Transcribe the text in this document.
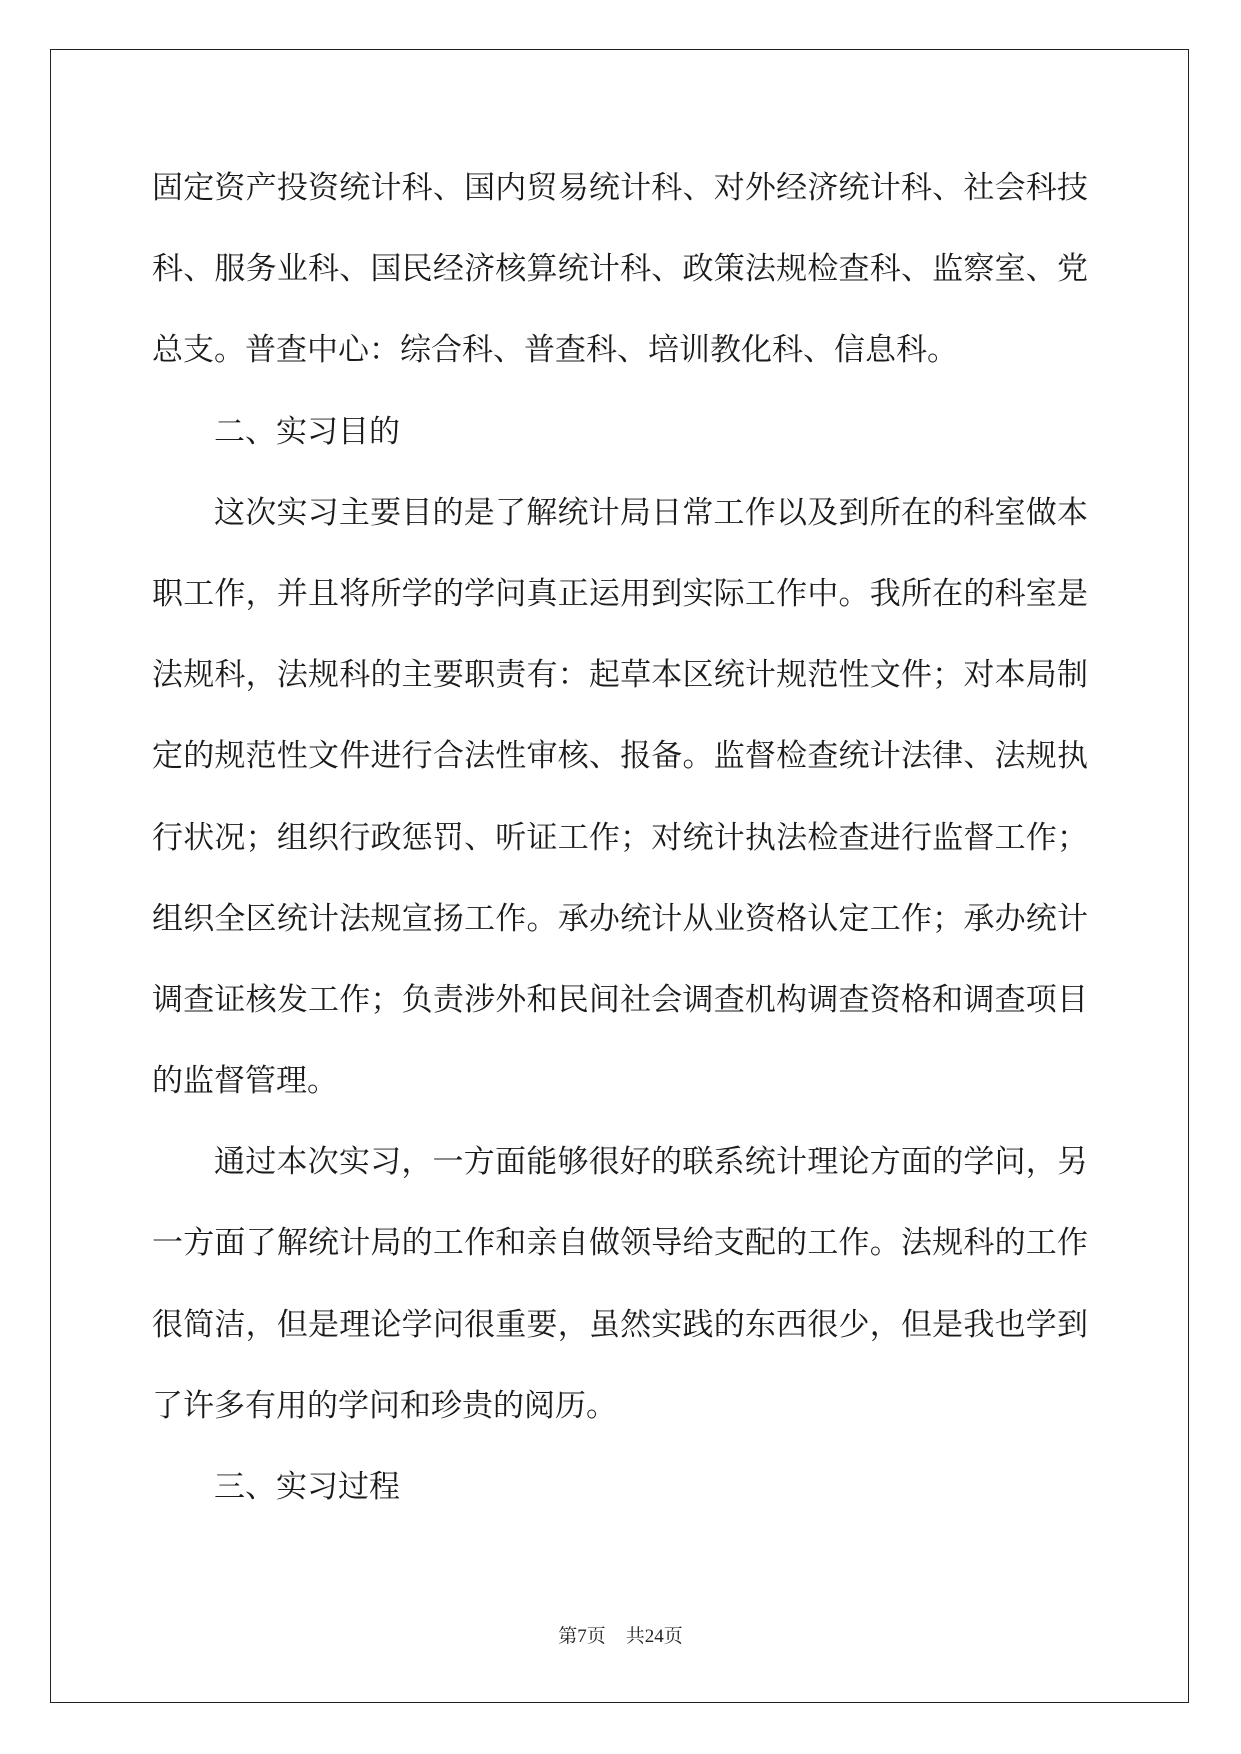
固定资产投资统计科、国内贸易统计科、对外经济统计科、社会科技
科、服务业科、国民经济核算统计科、政策法规检查科、监察室、党
总支。普查中心：综合科、普查科、培训教化科、信息科。
二、实习目的
这次实习主要目的是了解统计局日常工作以及到所在的科室做本
职工作，并且将所学的学问真正运用到实际工作中。我所在的科室是
法规科，法规科的主要职责有：起草本区统计规范性文件；对本局制
定的规范性文件进行合法性审核、报备。监督检查统计法律、法规执
行状况；组织行政惩罚、听证工作；对统计执法检查进行监督工作；
组织全区统计法规宣扬工作。承办统计从业资格认定工作；承办统计
调查证核发工作；负责涉外和民间社会调查机构调查资格和调查项目
的监督管理。
通过本次实习，一方面能够很好的联系统计理论方面的学问，另
一方面了解统计局的工作和亲自做领导给支配的工作。法规科的工作
很简洁，但是理论学问很重要，虽然实践的东西很少，但是我也学到
了许多有用的学问和珍贵的阅历。
三、实习过程
第7页 共24页
